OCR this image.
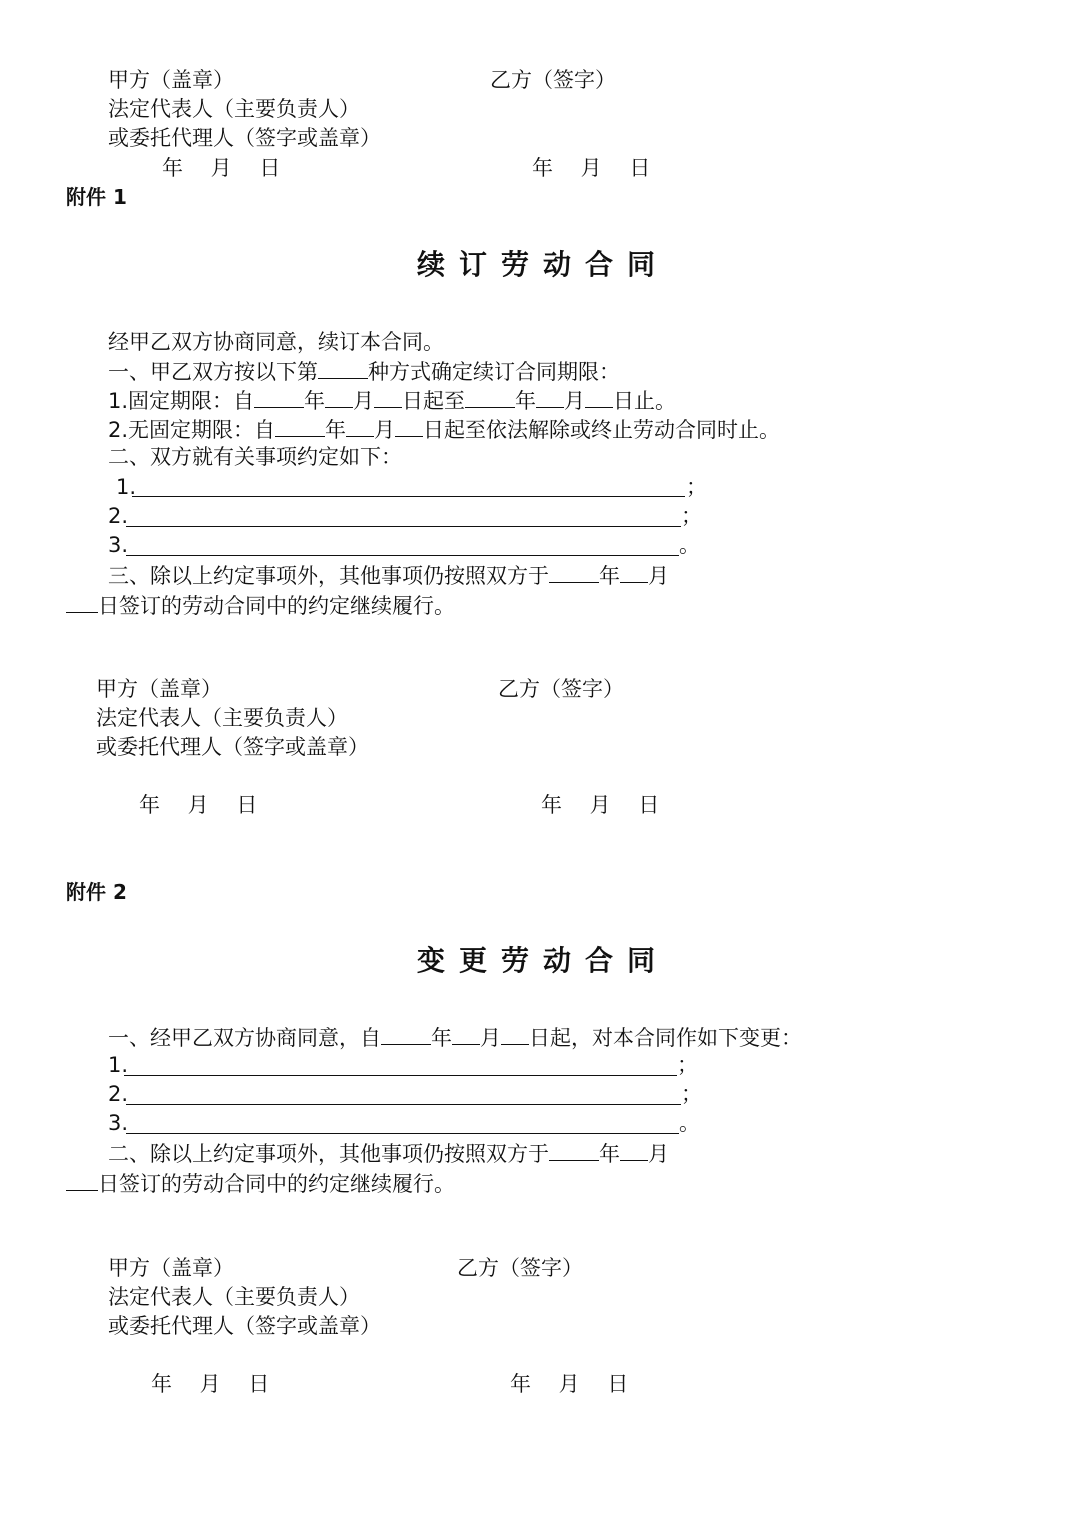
甲方（盖章）	乙方（签字）
法定代表人（主要负责人）
或委托代理人（签字或盖章）
年　 月　 日	年　 月　 日
附件 1
续订劳动合同
经甲乙双方协商同意，续订本合同。
一、甲乙双方按以下第 种方式确定续订合同期限：
1.固定期限：自 年 月 日起至 年 月 日止。
2.无固定期限：自 年 月 日起至依法解除或终止劳动合同时止。
二、双方就有关事项约定如下：
1.	；
2.	；
3.	。
三、除以上约定事项外，其他事项仍按照双方于 年 月
日签订的劳动合同中的约定继续履行。
甲方（盖章）	乙方（签字）
法定代表人（主要负责人）
或委托代理人（签字或盖章）
年　 月　 日	年　 月　 日
附件 2
变更劳动合同
一、经甲乙双方协商同意，自 年 月 日起，对本合同作如下变更：
1.	；
2.	；
3.	。
二、除以上约定事项外，其他事项仍按照双方于 年 月
日签订的劳动合同中的约定继续履行。
甲方（盖章）	乙方（签字）
法定代表人（主要负责人）
或委托代理人（签字或盖章）
年　 月　 日	年　 月　 日
